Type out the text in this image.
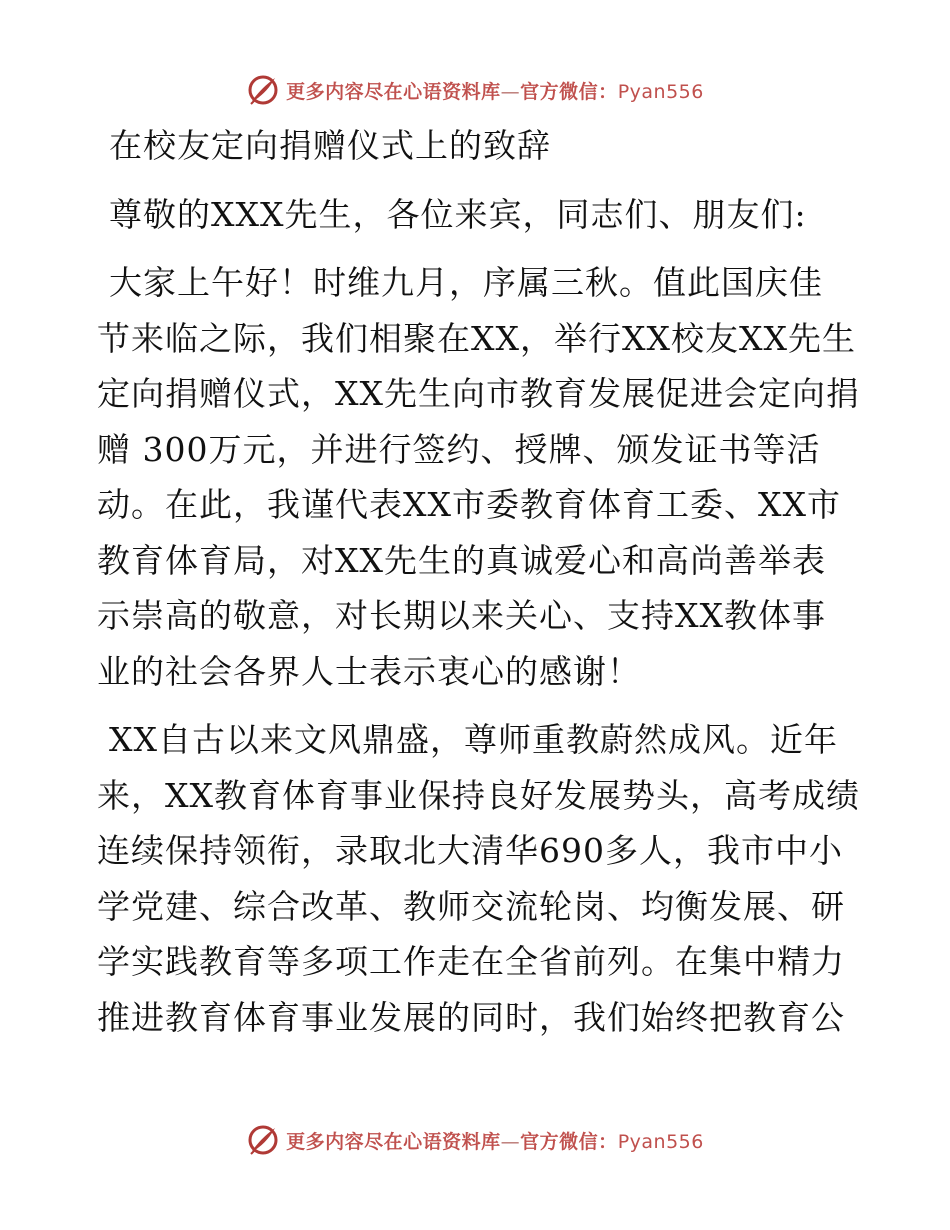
更多内容尽在心语资料库—官方微信：Pyan556
在校友定向捐赠仪式上的致辞
尊敬的XXX先生，各位来宾，同志们、朋友们:
大家上午好！时维九月，序属三秋。值此国庆佳
节来临之际，我们相聚在XX，举行XX校友XX先生
定向捐赠仪式，XX先生向市教育发展促进会定向捐
赠 300万元，并进行签约、授牌、颁发证书等活
动。在此，我谨代表XX市委教育体育工委、XX市
教育体育局，对XX先生的真诚爱心和高尚善举表
示崇高的敬意，对长期以来关心、支持XX教体事
业的社会各界人士表示衷心的感谢！
XX自古以来文风鼎盛，尊师重教蔚然成风。近年
来，XX教育体育事业保持良好发展势头，高考成绩
连续保持领衔，录取北大清华690多人，我市中小
学党建、综合改革、教师交流轮岗、均衡发展、研
学实践教育等多项工作走在全省前列。在集中精力
推进教育体育事业发展的同时，我们始终把教育公
更多内容尽在心语资料库—官方微信：Pyan556
